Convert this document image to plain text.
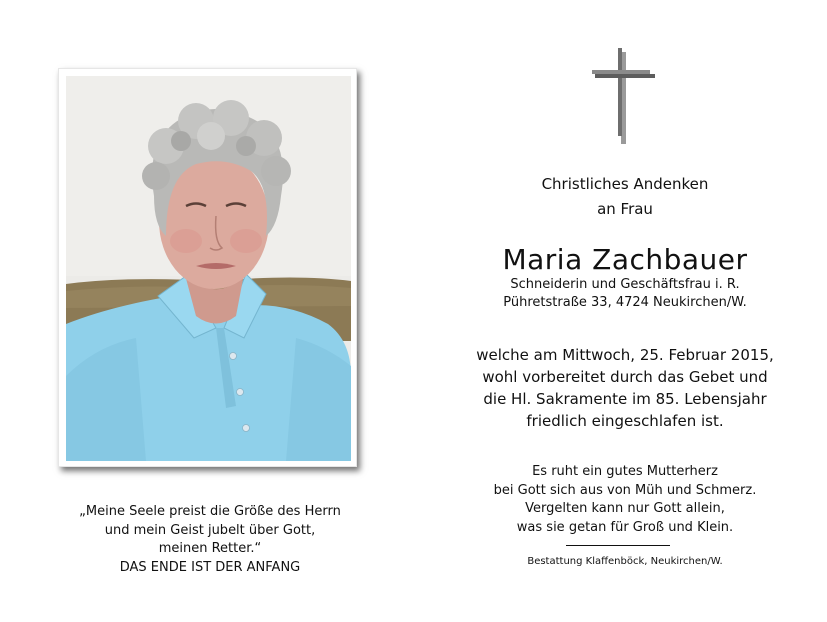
Christliches Andenken
an Frau
Maria Zachbauer
Schneiderin und Geschäftsfrau i. R.
Pühretstraße 33, 4724 Neukirchen/W.
welche am Mittwoch, 25. Februar 2015,
wohl vorbereitet durch das Gebet und
die Hl. Sakramente im 85. Lebensjahr
friedlich eingeschlafen ist.
Es ruht ein gutes Mutterherz
bei Gott sich aus von Müh und Schmerz.
Vergelten kann nur Gott allein,
was sie getan für Groß und Klein.
Bestattung Klaffenböck, Neukirchen/W.
„Meine Seele preist die Größe des Herrn
und mein Geist jubelt über Gott,
meinen Retter.“
DAS ENDE IST DER ANFANG
